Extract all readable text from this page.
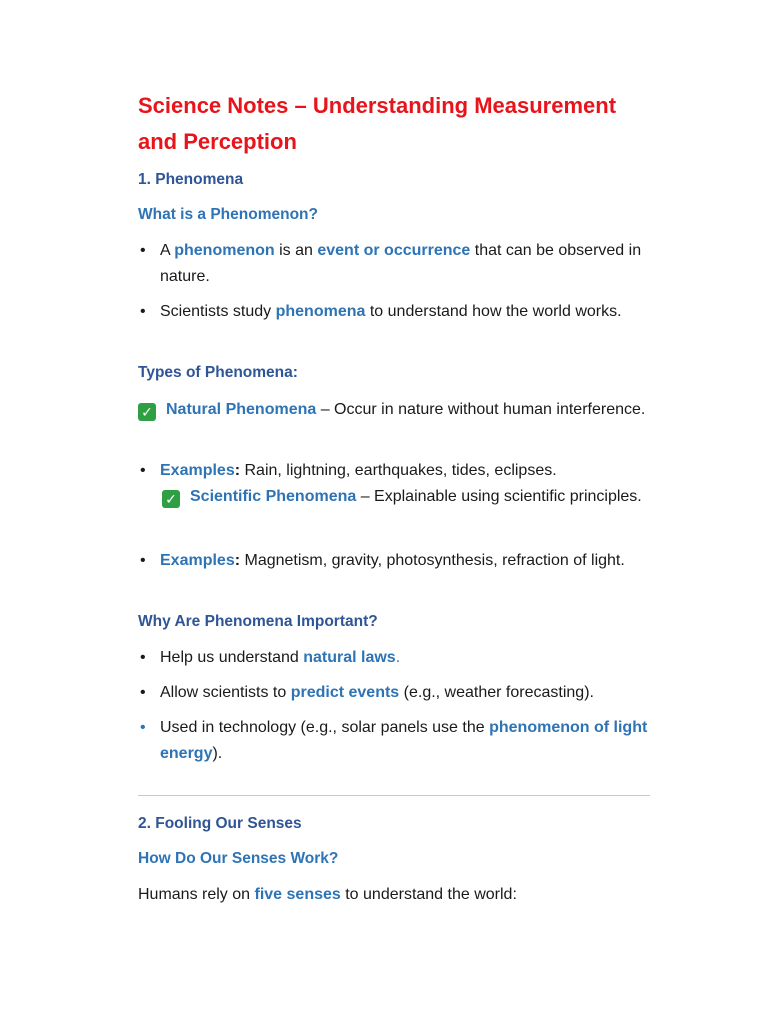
Science Notes – Understanding Measurement and Perception
1. Phenomena
What is a Phenomenon?
• A phenomenon is an event or occurrence that can be observed in nature.

• Scientists study phenomena to understand how the world works.

Types of Phenomena:

✓ Natural Phenomena – Occur in nature without human interference.

• Examples: Rain, lightning, earthquakes, tides, eclipses.
✓ Scientific Phenomena – Explainable using scientific principles.

• Examples: Magnetism, gravity, photosynthesis, refraction of light.

Why Are Phenomena Important?
• Help us understand natural laws.

• Allow scientists to predict events (e.g., weather forecasting).

• Used in technology (e.g., solar panels use the phenomenon of light energy).

2. Fooling Our Senses
How Do Our Senses Work?

Humans rely on five senses to understand the world:
